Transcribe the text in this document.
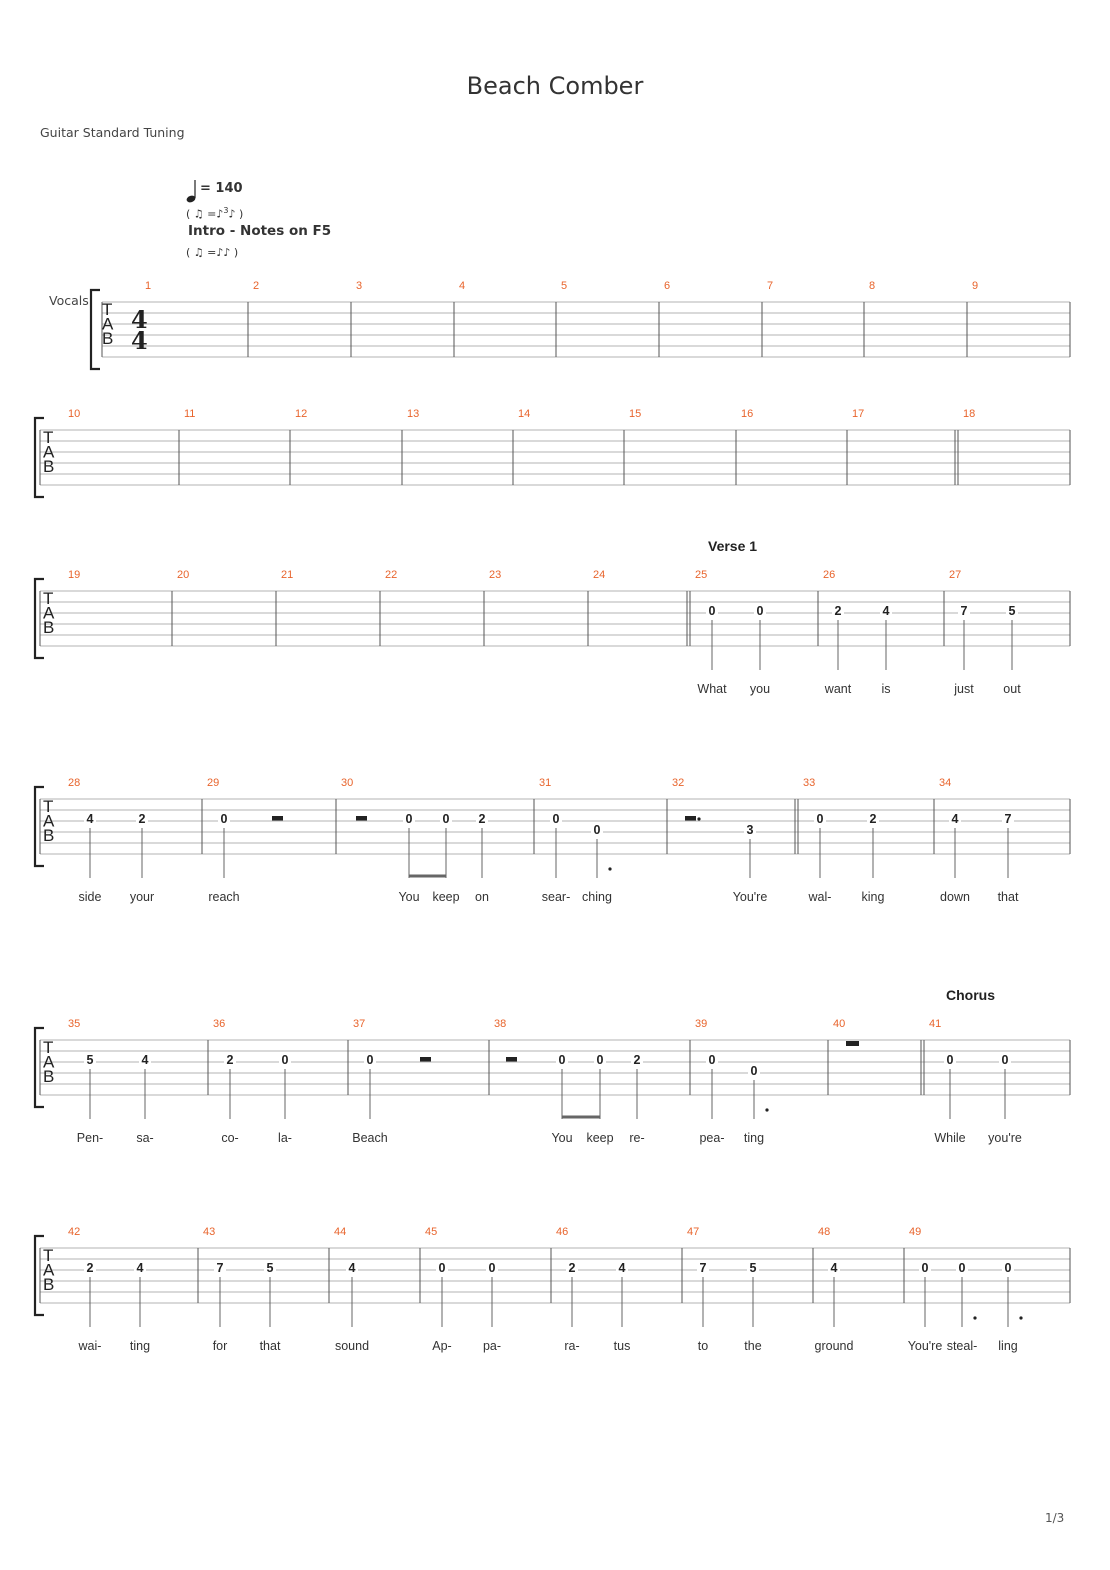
Beach Comber
Guitar Standard Tuning
= 140
( ♫ =♪$^3$♪ )
Intro - Notes on F5
( ♫ =♪♪ )
Vocals
1/3
T
A
B
4
4
1	2	3	4	5	6	7	8	9
T
A
B
10	11	12	13	14	15	16	17	18
T
A
B
19	20	21	22	23	24	25
Verse 1
0
What
0
you
26
2
want
4
is
27
7
just
5
out
T
A
B
28
4
side
2
your
29
0
reach
30
0
You
0
keep
2
on
31
0
sear-
0
ching
32
3
You're
33
0
wal-
2
king
34
4
down
7
that
T
A
B
35
5
Pen-
4
sa-
36
2
co-
0
la-
37
0
Beach
38
0
You
0
keep
2
re-
39
0
pea-
0
ting
40	41
Chorus
0
While
0
you're
T
A
B
42
2
wai-
4
ting
43
7
for
5
that
44
4
sound
45
0
Ap-
0
pa-
46
2
ra-
4
tus
47
7
to
5
the
48
4
ground
49
0
You're
0
steal-
0
ling
